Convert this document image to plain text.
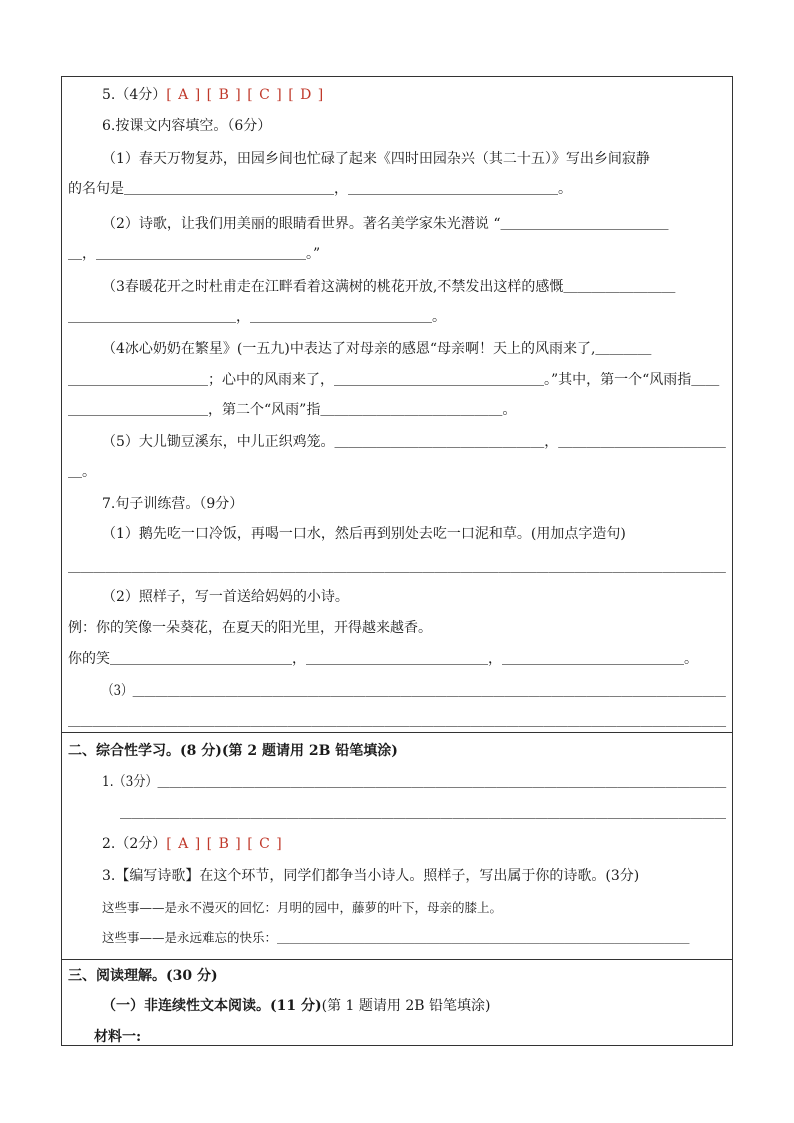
5.（4分）[ A ] [ B ] [ C ] [ D ]
6.按课文内容填空。（6分）
（1）春天万物复苏，田园乡间也忙碌了起来《四时田园杂兴（其二十五）》写出乡间寂静
的名句是＿＿＿＿＿＿＿＿＿＿＿＿＿＿＿，＿＿＿＿＿＿＿＿＿＿＿＿＿＿＿。
（2）诗歌，让我们用美丽的眼睛看世界。著名美学家朱光潜说 “＿＿＿＿＿＿＿＿＿＿＿＿
＿，＿＿＿＿＿＿＿＿＿＿＿＿＿＿＿。”
（3春暖花开之时杜甫走在江畔看着这满树的桃花开放,不禁发出这样的感慨＿＿＿＿＿＿＿＿
＿＿＿＿＿＿＿＿＿＿＿＿，＿＿＿＿＿＿＿＿＿＿＿＿＿。
（4冰心奶奶在繁星》(一五九)中表达了对母亲的感恩“母亲啊！天上的风雨来了,＿＿＿＿
＿＿＿＿＿＿＿＿＿＿；心中的风雨来了，＿＿＿＿＿＿＿＿＿＿＿＿＿＿＿。”其中，第一个“风雨指＿＿
＿＿＿＿＿＿＿＿＿＿，第二个“风雨”指＿＿＿＿＿＿＿＿＿＿＿＿＿。
（5）大儿锄豆溪东，中儿正织鸡笼。＿＿＿＿＿＿＿＿＿＿＿＿＿＿＿，＿＿＿＿＿＿＿＿＿＿＿＿
＿。
7.句子训练营。（9分）
（1）鹅先吃一口冷饭，再喝一口水，然后再到别处去吃一口泥和草。(用加点字造句)
＿＿＿＿＿＿＿＿＿＿＿＿＿＿＿＿＿＿＿＿＿＿＿＿＿＿＿＿＿＿＿＿＿＿＿＿＿＿＿＿＿＿＿＿＿＿＿＿＿＿＿＿
（2）照样子，写一首送给妈妈的小诗。
例：你的笑像一朵葵花，在夏天的阳光里，开得越来越香。
你的笑＿＿＿＿＿＿＿＿＿＿＿＿＿，＿＿＿＿＿＿＿＿＿＿＿＿＿，＿＿＿＿＿＿＿＿＿＿＿＿＿。
（3）＿＿＿＿＿＿＿＿＿＿＿＿＿＿＿＿＿＿＿＿＿＿＿＿＿＿＿＿＿＿＿＿＿＿＿＿＿＿＿＿＿＿＿＿＿＿＿＿＿＿＿
＿＿＿＿＿＿＿＿＿＿＿＿＿＿＿＿＿＿＿＿＿＿＿＿＿＿＿＿＿＿＿＿＿＿＿＿＿＿＿＿＿＿＿＿＿＿＿＿＿＿＿＿＿＿
二、综合性学习。(8 分)(第 2 题请用 2B 铅笔填涂)
1.（3分）＿＿＿＿＿＿＿＿＿＿＿＿＿＿＿＿＿＿＿＿＿＿＿＿＿＿＿＿＿＿＿＿＿＿＿＿＿＿＿＿＿＿＿＿＿＿＿
＿＿＿＿＿＿＿＿＿＿＿＿＿＿＿＿＿＿＿＿＿＿＿＿＿＿＿＿＿＿＿＿＿＿＿＿＿＿＿＿＿＿＿＿＿＿＿＿＿＿＿
2.（2分）[ A ] [ B ] [ C ]
3.【编写诗歌】在这个环节，同学们都争当小诗人。照样子，写出属于你的诗歌。(3分)
这些事——是永不漫灭的回忆：月明的园中，藤萝的叶下，母亲的膝上。
这些事——是永远难忘的快乐：＿＿＿＿＿＿＿＿＿＿＿＿＿＿＿＿＿＿＿＿＿＿＿＿＿＿＿＿＿＿＿＿＿
三、阅读理解。(30 分)
（一）非连续性文本阅读。(11 分)(第 1 题请用 2B 铅笔填涂)
材料一:
